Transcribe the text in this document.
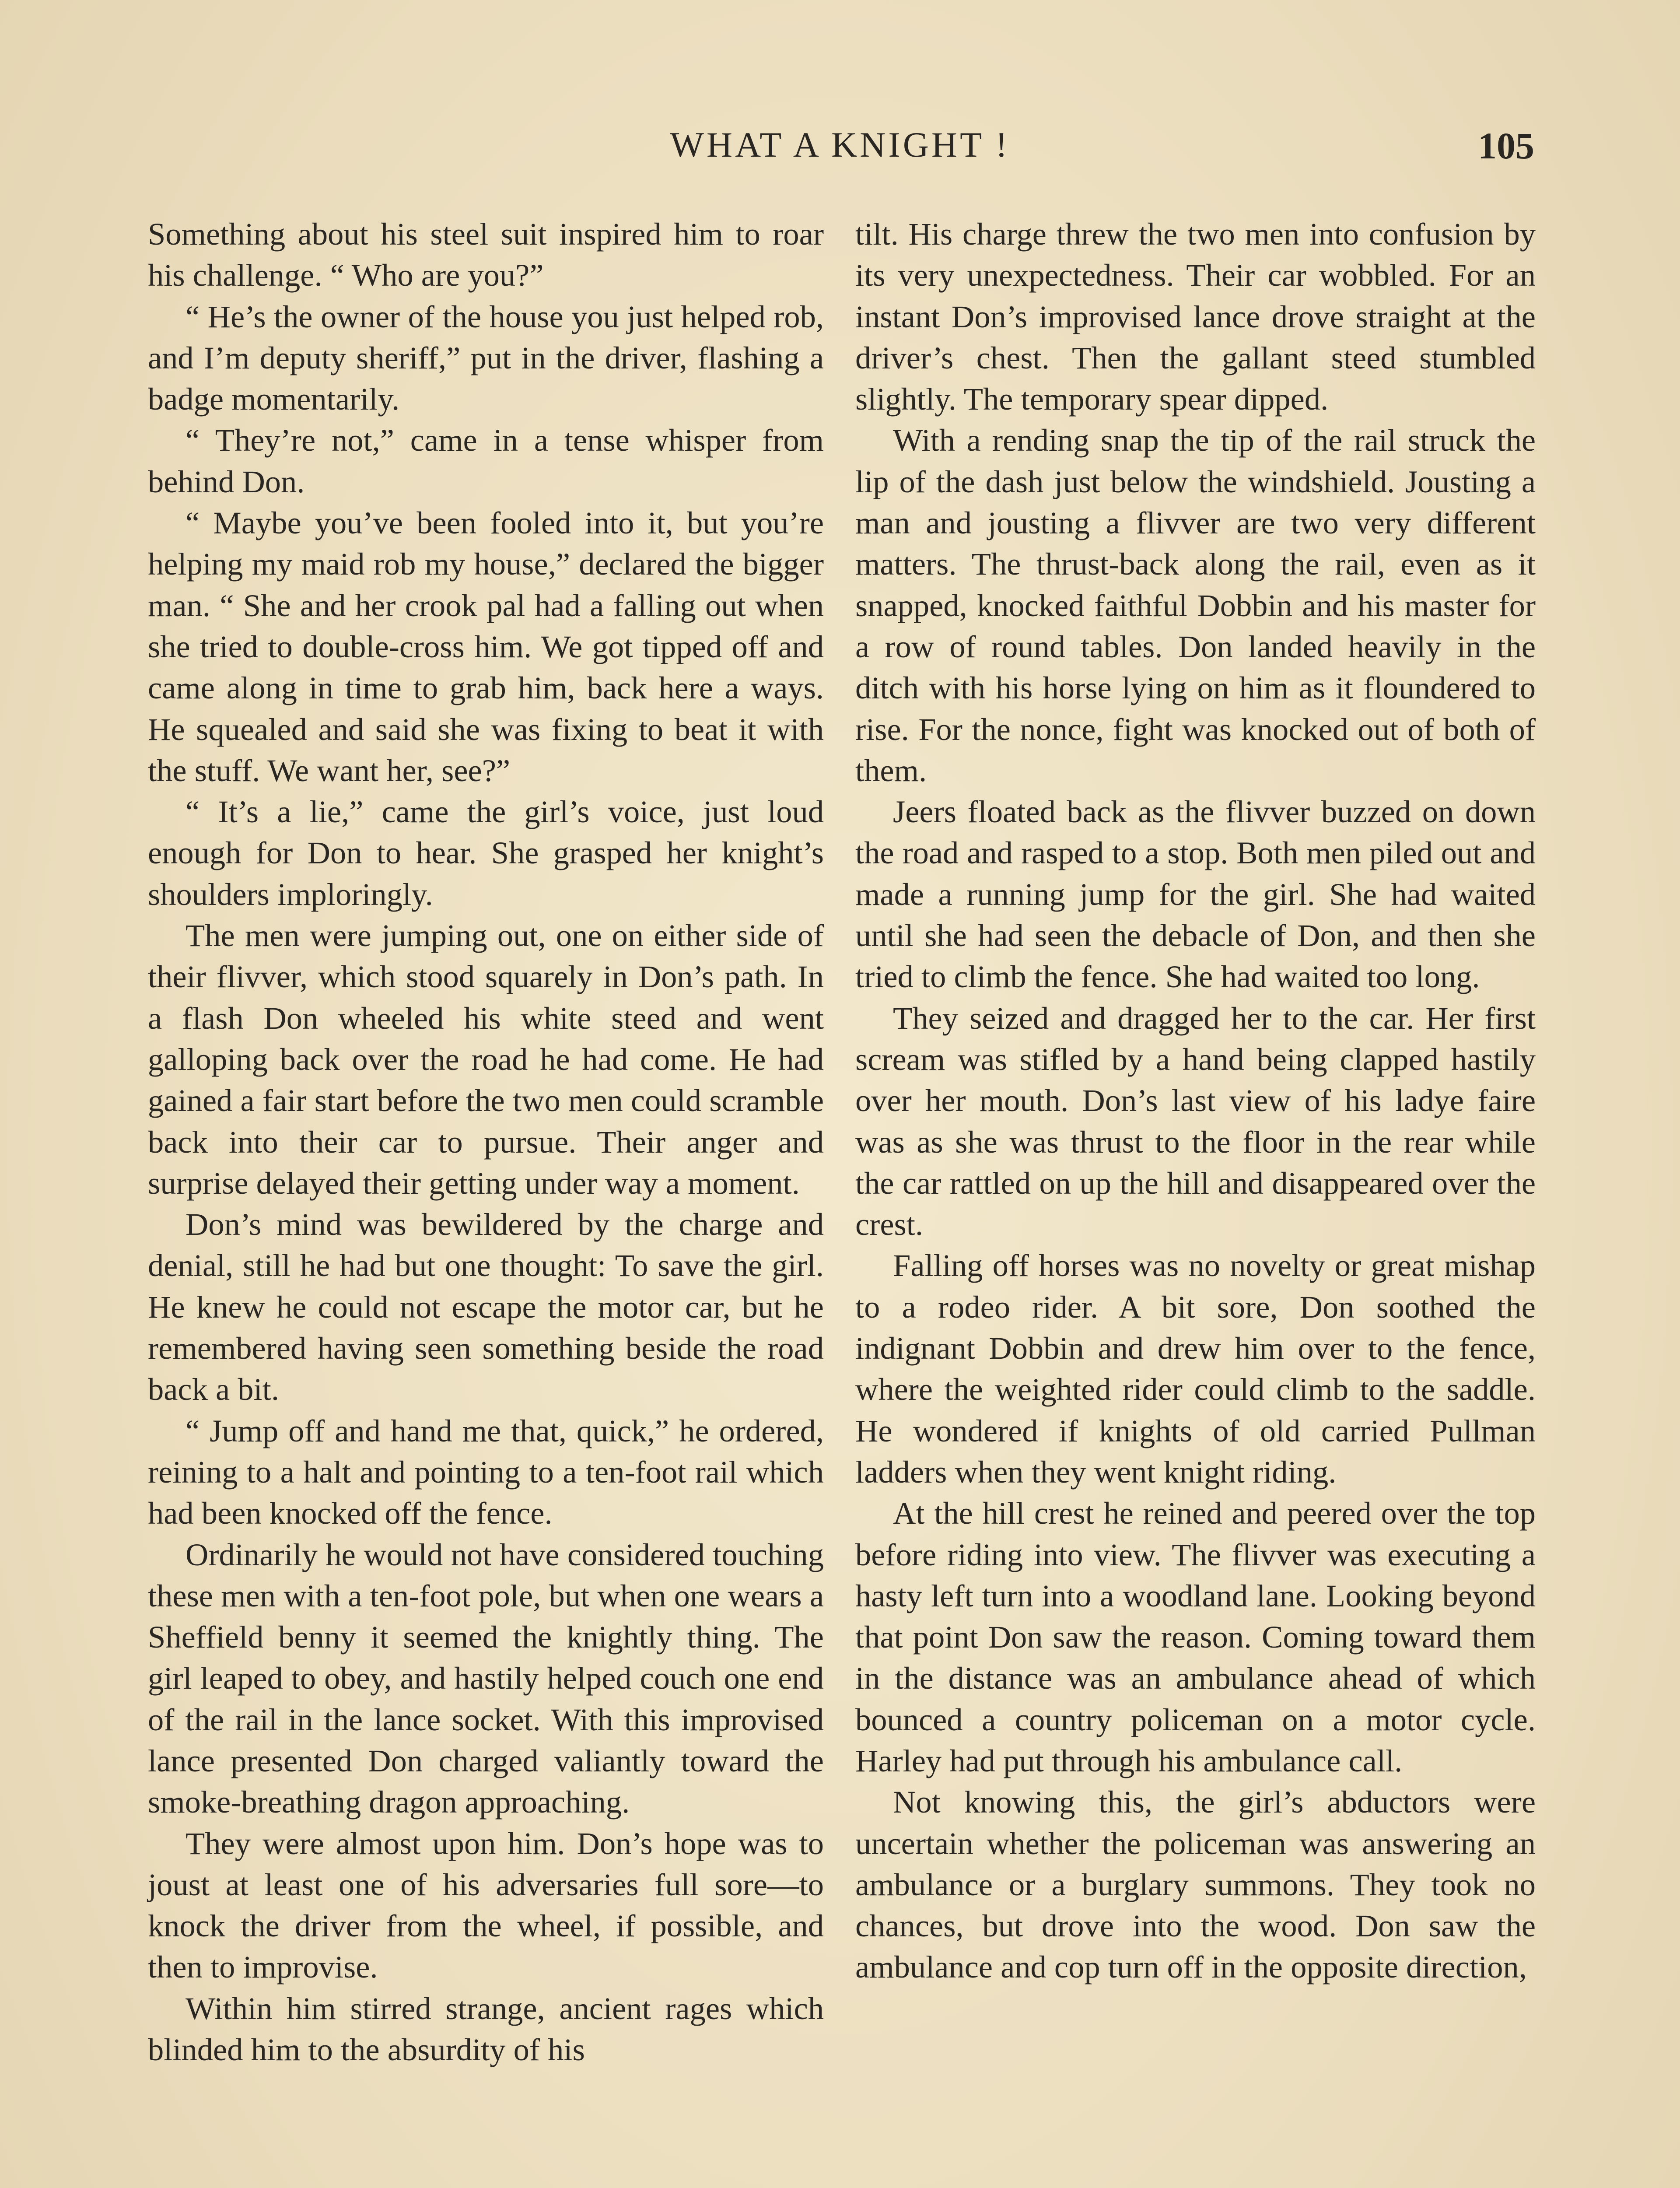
WHAT A KNIGHT !	105

Something about his steel suit inspired him to roar his challenge. “ Who are you?”

“ He’s the owner of the house you just helped rob, and I’m deputy sheriff,” put in the driver, flashing a badge momentarily.

“ They’re not,” came in a tense whisper from behind Don.

“ Maybe you’ve been fooled into it, but you’re helping my maid rob my house,” declared the bigger man. “ She and her crook pal had a falling out when she tried to double-cross him. We got tipped off and came along in time to grab him, back here a ways. He squealed and said she was fixing to beat it with the stuff. We want her, see?”

“ It’s a lie,” came the girl’s voice, just loud enough for Don to hear. She grasped her knight’s shoulders imploringly.

The men were jumping out, one on either side of their flivver, which stood squarely in Don’s path. In a flash Don wheeled his white steed and went galloping back over the road he had come. He had gained a fair start before the two men could scramble back into their car to pursue. Their anger and surprise delayed their getting under way a moment.

Don’s mind was bewildered by the charge and denial, still he had but one thought: To save the girl. He knew he could not escape the motor car, but he remembered having seen something beside the road back a bit.

“ Jump off and hand me that, quick,” he ordered, reining to a halt and pointing to a ten-foot rail which had been knocked off the fence.

Ordinarily he would not have considered touching these men with a ten-foot pole, but when one wears a Sheffield benny it seemed the knightly thing. The girl leaped to obey, and hastily helped couch one end of the rail in the lance socket. With this improvised lance presented Don charged valiantly toward the smoke-breathing dragon approaching.

They were almost upon him. Don’s hope was to joust at least one of his adversaries full sore—to knock the driver from the wheel, if possible, and then to improvise.

Within him stirred strange, ancient rages which blinded him to the absurdity of his

tilt. His charge threw the two men into confusion by its very unexpectedness. Their car wobbled. For an instant Don’s improvised lance drove straight at the driver’s chest. Then the gallant steed stumbled slightly. The temporary spear dipped.

With a rending snap the tip of the rail struck the lip of the dash just below the windshield. Jousting a man and jousting a flivver are two very different matters. The thrust-back along the rail, even as it snapped, knocked faithful Dobbin and his master for a row of round tables. Don landed heavily in the ditch with his horse lying on him as it floundered to rise. For the nonce, fight was knocked out of both of them.

Jeers floated back as the flivver buzzed on down the road and rasped to a stop. Both men piled out and made a running jump for the girl. She had waited until she had seen the debacle of Don, and then she tried to climb the fence. She had waited too long.

They seized and dragged her to the car. Her first scream was stifled by a hand being clapped hastily over her mouth. Don’s last view of his ladye faire was as she was thrust to the floor in the rear while the car rattled on up the hill and disappeared over the crest.

Falling off horses was no novelty or great mishap to a rodeo rider. A bit sore, Don soothed the indignant Dobbin and drew him over to the fence, where the weighted rider could climb to the saddle. He wondered if knights of old carried Pullman ladders when they went knight riding.

At the hill crest he reined and peered over the top before riding into view. The flivver was executing a hasty left turn into a woodland lane. Looking beyond that point Don saw the reason. Coming toward them in the distance was an ambulance ahead of which bounced a country policeman on a motor cycle. Harley had put through his ambulance call.

Not knowing this, the girl’s abductors were uncertain whether the policeman was answering an ambulance or a burglary summons. They took no chances, but drove into the wood. Don saw the ambulance and cop turn off in the opposite direction,
